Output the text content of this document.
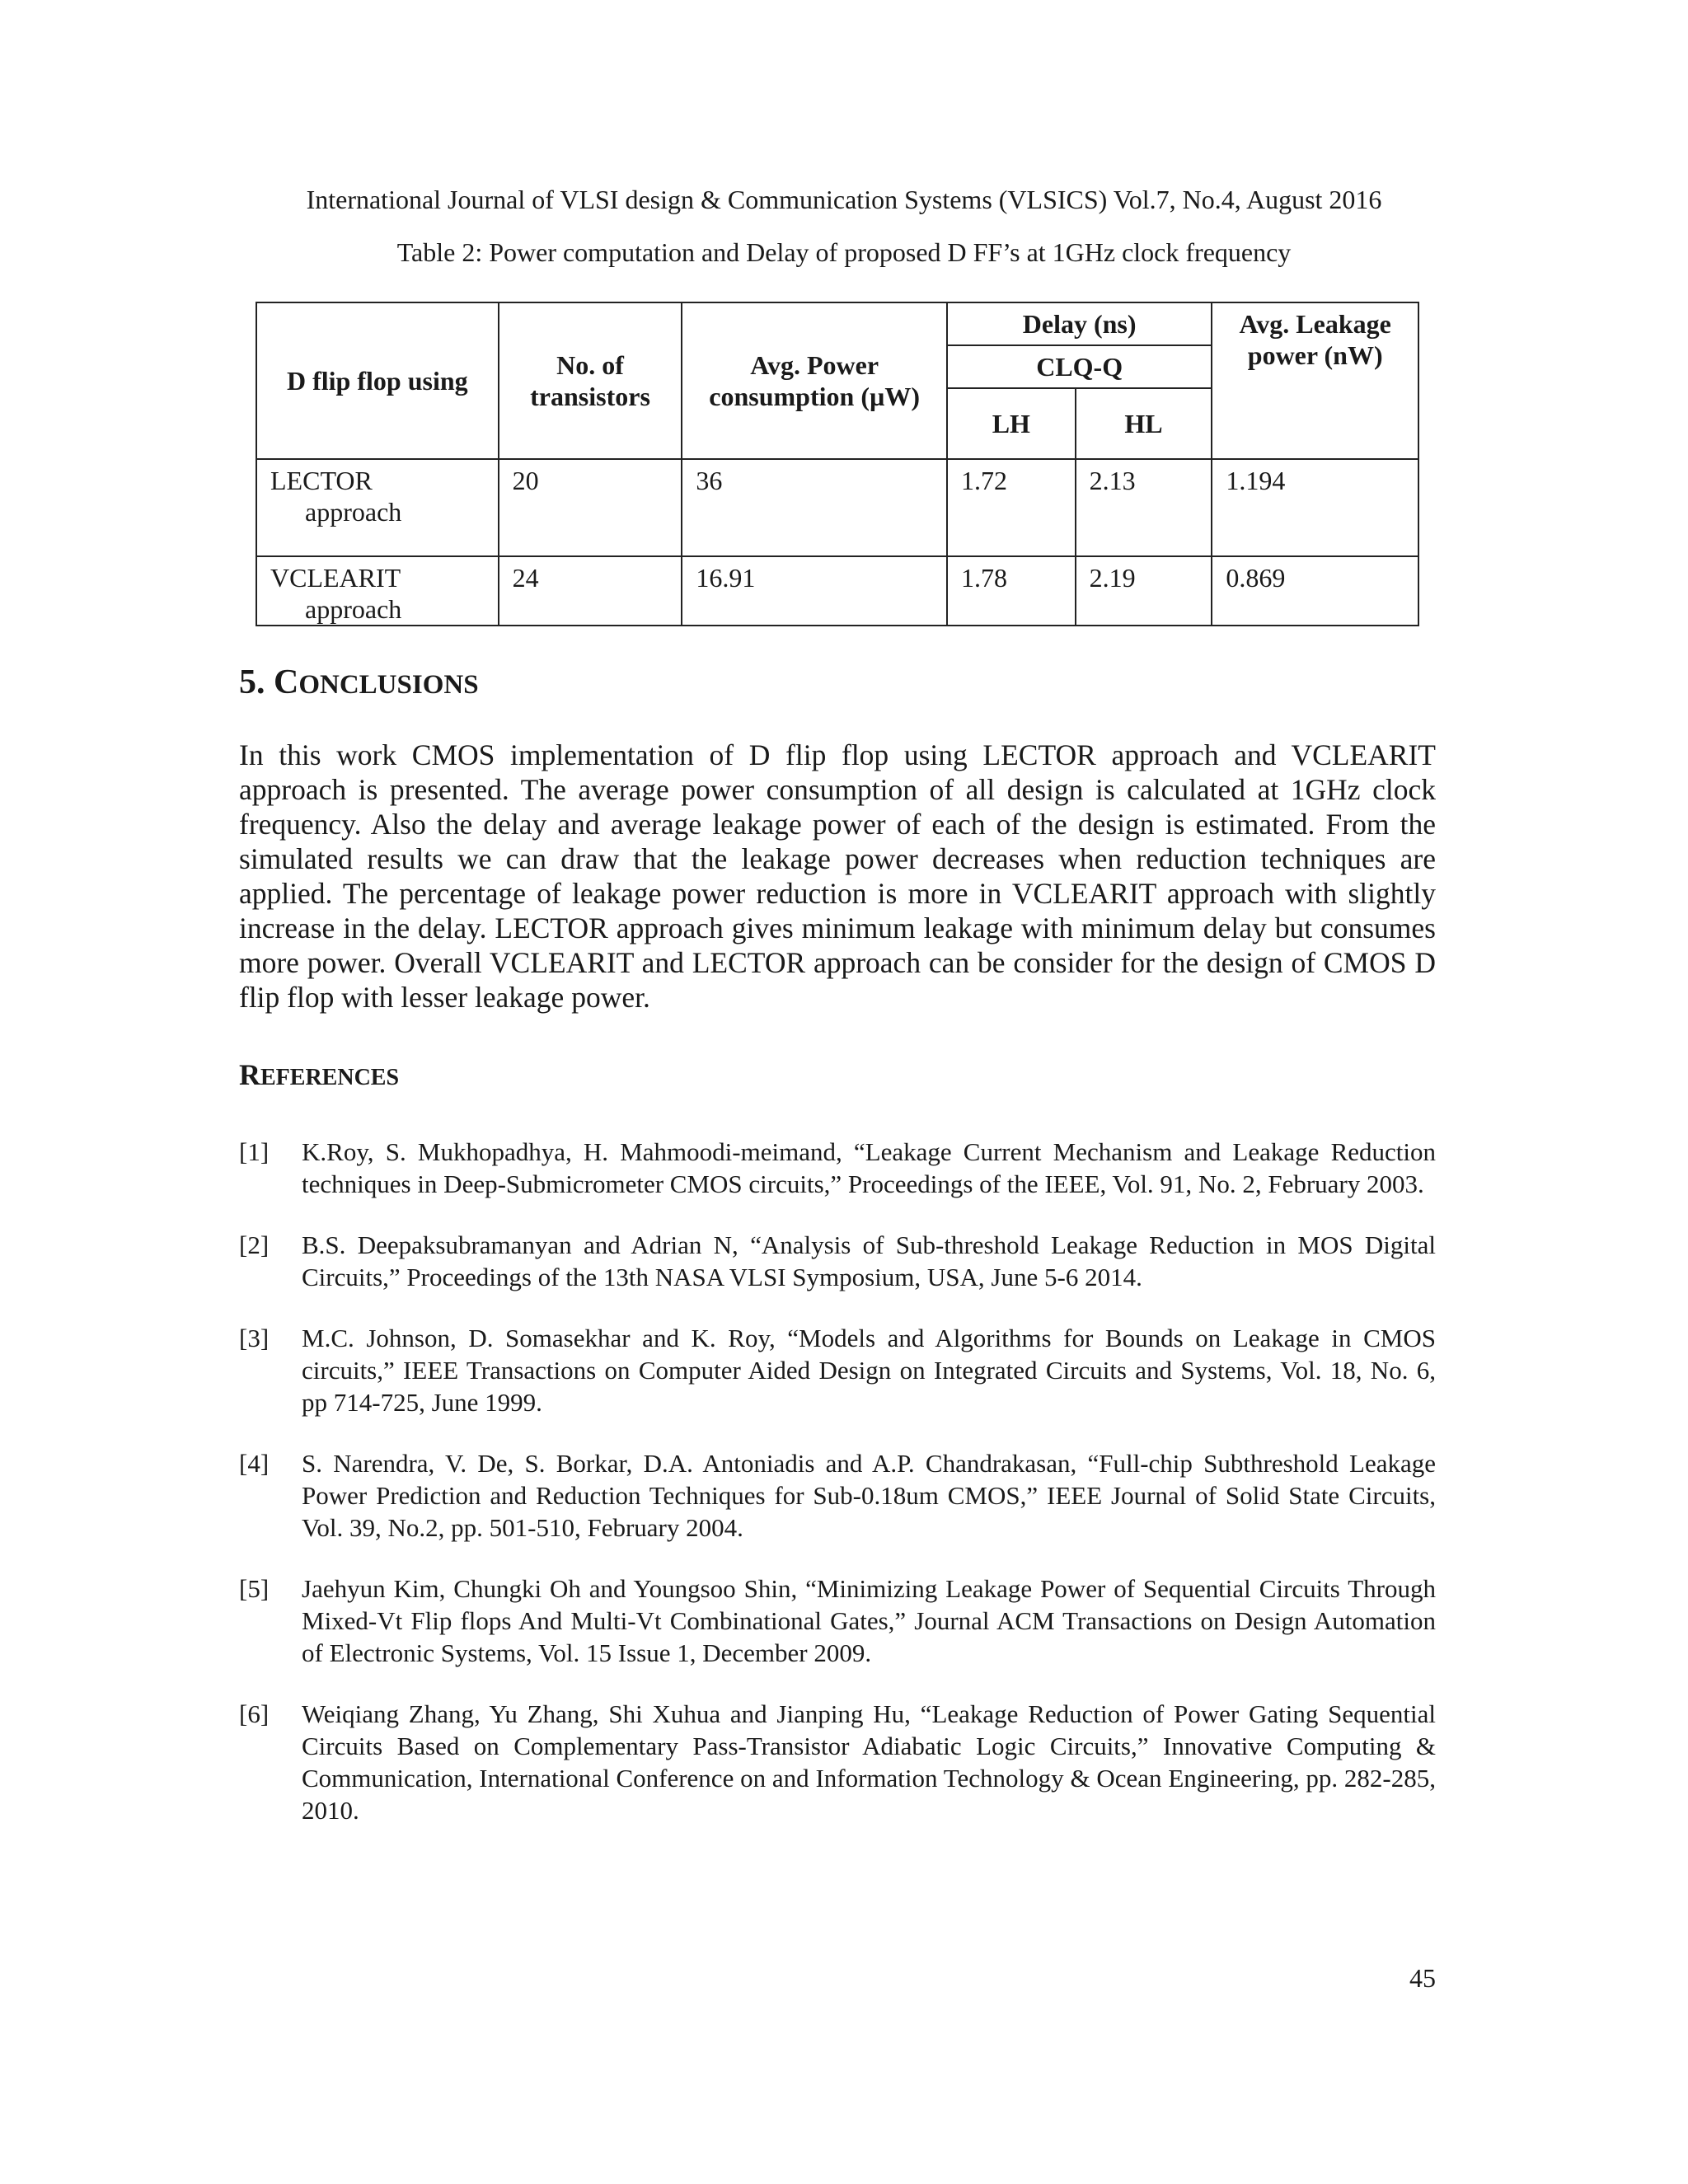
International Journal of VLSI design & Communication Systems (VLSICS) Vol.7, No.4, August 2016
Table 2: Power computation and Delay of proposed D FF’s at 1GHz clock frequency
D flip flop using	No. of transistors	Avg. Power consumption (µW)	Delay (ns)		Avg. Leakage power (nW)
			CLQ-Q		
			LH	HL	

LECTOR
approach	20	36	1.72	2.13	1.194

VCLEARIT
approach	24	16.91	1.78	2.19	0.869
5. CONCLUSIONS

In this work CMOS implementation of D flip flop using LECTOR approach and VCLEARIT approach is presented. The average power consumption of all design is calculated at 1GHz clock frequency. Also the delay and average leakage power of each of the design is estimated. From the simulated results we can draw that the leakage power decreases when reduction techniques are applied. The percentage of leakage power reduction is more in VCLEARIT approach with slightly increase in the delay. LECTOR approach gives minimum leakage with minimum delay but consumes more power. Overall VCLEARIT and LECTOR approach can be consider for the design of CMOS D flip flop with lesser leakage power.

REFERENCES
[1]	K.Roy, S. Mukhopadhya, H. Mahmoodi-meimand, “Leakage Current Mechanism and Leakage Reduction techniques in Deep-Submicrometer CMOS circuits,” Proceedings of the IEEE, Vol. 91, No. 2, February 2003.
[2]	B.S. Deepaksubramanyan and Adrian N, “Analysis of Sub-threshold Leakage Reduction in MOS Digital Circuits,” Proceedings of the 13th NASA VLSI Symposium, USA, June 5-6 2014.
[3]	M.C. Johnson, D. Somasekhar and K. Roy, “Models and Algorithms for Bounds on Leakage in CMOS circuits,” IEEE Transactions on Computer Aided Design on Integrated Circuits and Systems, Vol. 18, No. 6, pp 714-725, June 1999.
[4]	S. Narendra, V. De, S. Borkar, D.A. Antoniadis and A.P. Chandrakasan, “Full-chip Subthreshold Leakage Power Prediction and Reduction Techniques for Sub-0.18um CMOS,” IEEE Journal of Solid State Circuits, Vol. 39, No.2, pp. 501-510, February 2004.
[5]	Jaehyun Kim, Chungki Oh and Youngsoo Shin, “Minimizing Leakage Power of Sequential Circuits Through Mixed-Vt Flip flops And Multi-Vt Combinational Gates,” Journal ACM Transactions on Design Automation of Electronic Systems, Vol. 15 Issue 1, December 2009.
[6]	Weiqiang Zhang, Yu Zhang, Shi Xuhua and Jianping Hu, “Leakage Reduction of Power Gating Sequential Circuits Based on Complementary Pass-Transistor Adiabatic Logic Circuits,” Innovative Computing & Communication, International Conference on and Information Technology & Ocean Engineering, pp. 282-285, 2010.
45
